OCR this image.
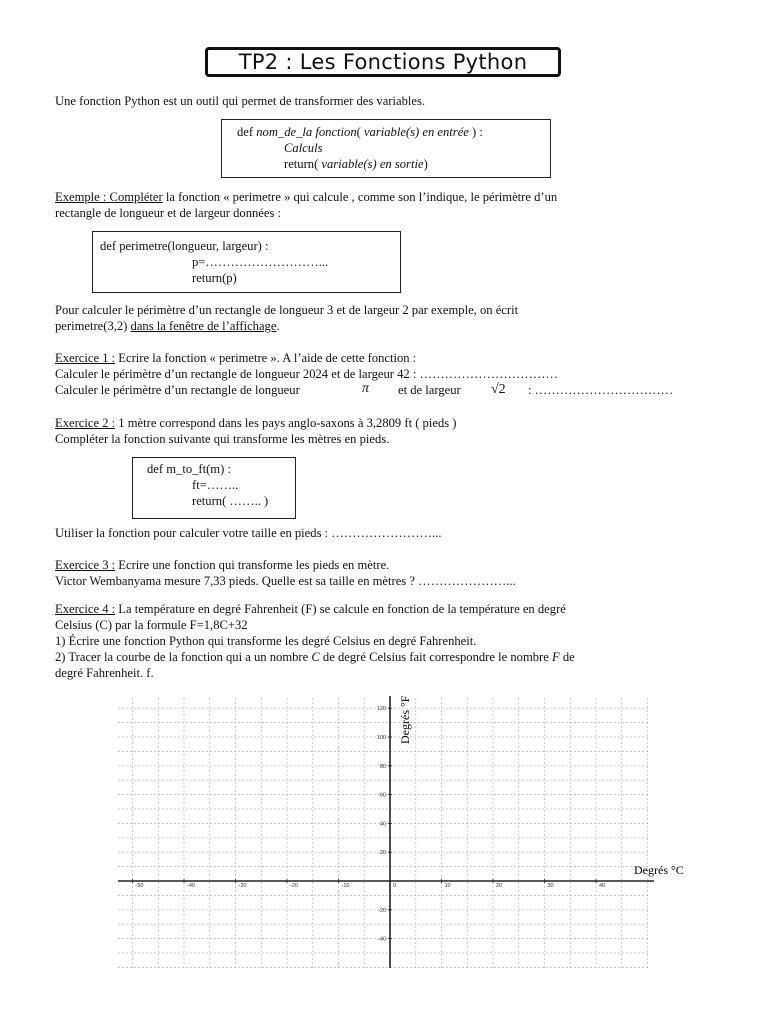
TP2 : Les Fonctions Python
Une fonction Python est un outil qui permet de transformer des variables.
def nom_de_la fonction( variable(s) en entrée ) :
Calculs
return( variable(s) en sortie)
Exemple : Compléter la fonction « perimetre » qui calcule , comme son l’indique, le périmètre d’un
rectangle de longueur et de largeur données :
def perimetre(longueur, largeur) :
p=………………………...
return(p)
Pour calculer le périmètre d’un rectangle de longueur 3 et de largeur 2 par exemple, on écrit
perimetre(3,2) dans la fenêtre de l’affichage.
Exercice 1 : Ecrire la fonction « perimetre ». A l’aide de cette fonction :
Calculer le périmètre d’un rectangle de longueur 2024 et de largeur 42 : ……………………………
Calculer le périmètre d’un rectangle de longueur	π et de largeur √2 : ……………………………
Exercice 2 : 1 mètre correspond dans les pays anglo-saxons à 3,2809 ft ( pieds )
Compléter la fonction suivante qui transforme les mètres en pieds.
def m_to_ft(m) :
ft=……..
return( …….. )
Utiliser la fonction pour calculer votre taille en pieds : ……………………...
Exercice 3 : Ecrire une fonction qui transforme les pieds en mètre.
Victor Wembanyama mesure 7,33 pieds. Quelle est sa taille en mètres ? …………………...
Exercice 4 : La température en degré Fahrenheit (F) se calcule en fonction de la température en degré
Celsius (C) par la formule F=1,8C+32
1) Écrire une fonction Python qui transforme les degré Celsius en degré Fahrenheit.
2) Tracer la courbe de la fonction qui a un nombre C de degré Celsius fait correspondre le nombre F de
degré Fahrenheit. f.
-50	-40	-30	-20	-10	0	10	20	30	40
-40
-20
20
40
60
80
100
120
Degrés °C
Degrés °F
